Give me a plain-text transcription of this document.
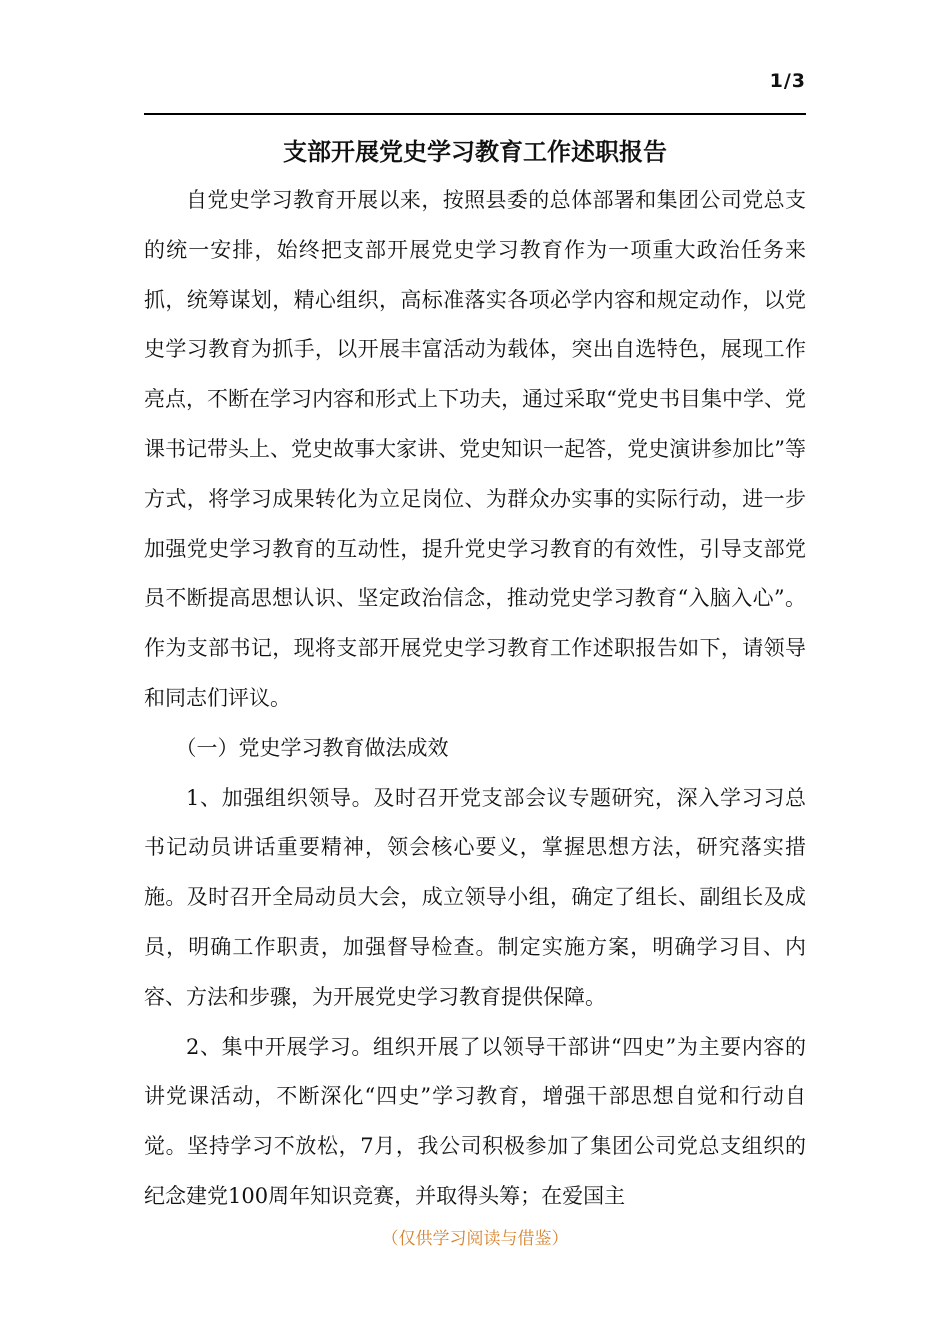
1/3
支部开展党史学习教育工作述职报告

自党史学习教育开展以来，按照县委的总体部署和集团公司党总支的统一安排，始终把支部开展党史学习教育作为一项重大政治任务来抓，统筹谋划，精心组织，高标准落实各项必学内容和规定动作，以党史学习教育为抓手，以开展丰富活动为载体，突出自选特色，展现工作亮点，不断在学习内容和形式上下功夫，通过采取“党史书目集中学、党课书记带头上、党史故事大家讲、党史知识一起答，党史演讲参加比”等方式，将学习成果转化为立足岗位、为群众办实事的实际行动，进一步加强党史学习教育的互动性，提升党史学习教育的有效性，引导支部党员不断提高思想认识、坚定政治信念，推动党史学习教育“入脑入心”。作为支部书记，现将支部开展党史学习教育工作述职报告如下，请领导和同志们评议。

（一）党史学习教育做法成效

1、加强组织领导。及时召开党支部会议专题研究，深入学习习总书记动员讲话重要精神，领会核心要义，掌握思想方法，研究落实措施。及时召开全局动员大会，成立领导小组，确定了组长、副组长及成员，明确工作职责，加强督导检查。制定实施方案，明确学习目、内容、方法和步骤，为开展党史学习教育提供保障。

2、集中开展学习。组织开展了以领导干部讲“四史”为主要内容的讲党课活动，不断深化“四史”学习教育，增强干部思想自觉和行动自觉。坚持学习不放松，7月，我公司积极参加了集团公司党总支组织的纪念建党100周年知识竞赛，并取得头筹；在爱国主

（仅供学习阅读与借鉴）
